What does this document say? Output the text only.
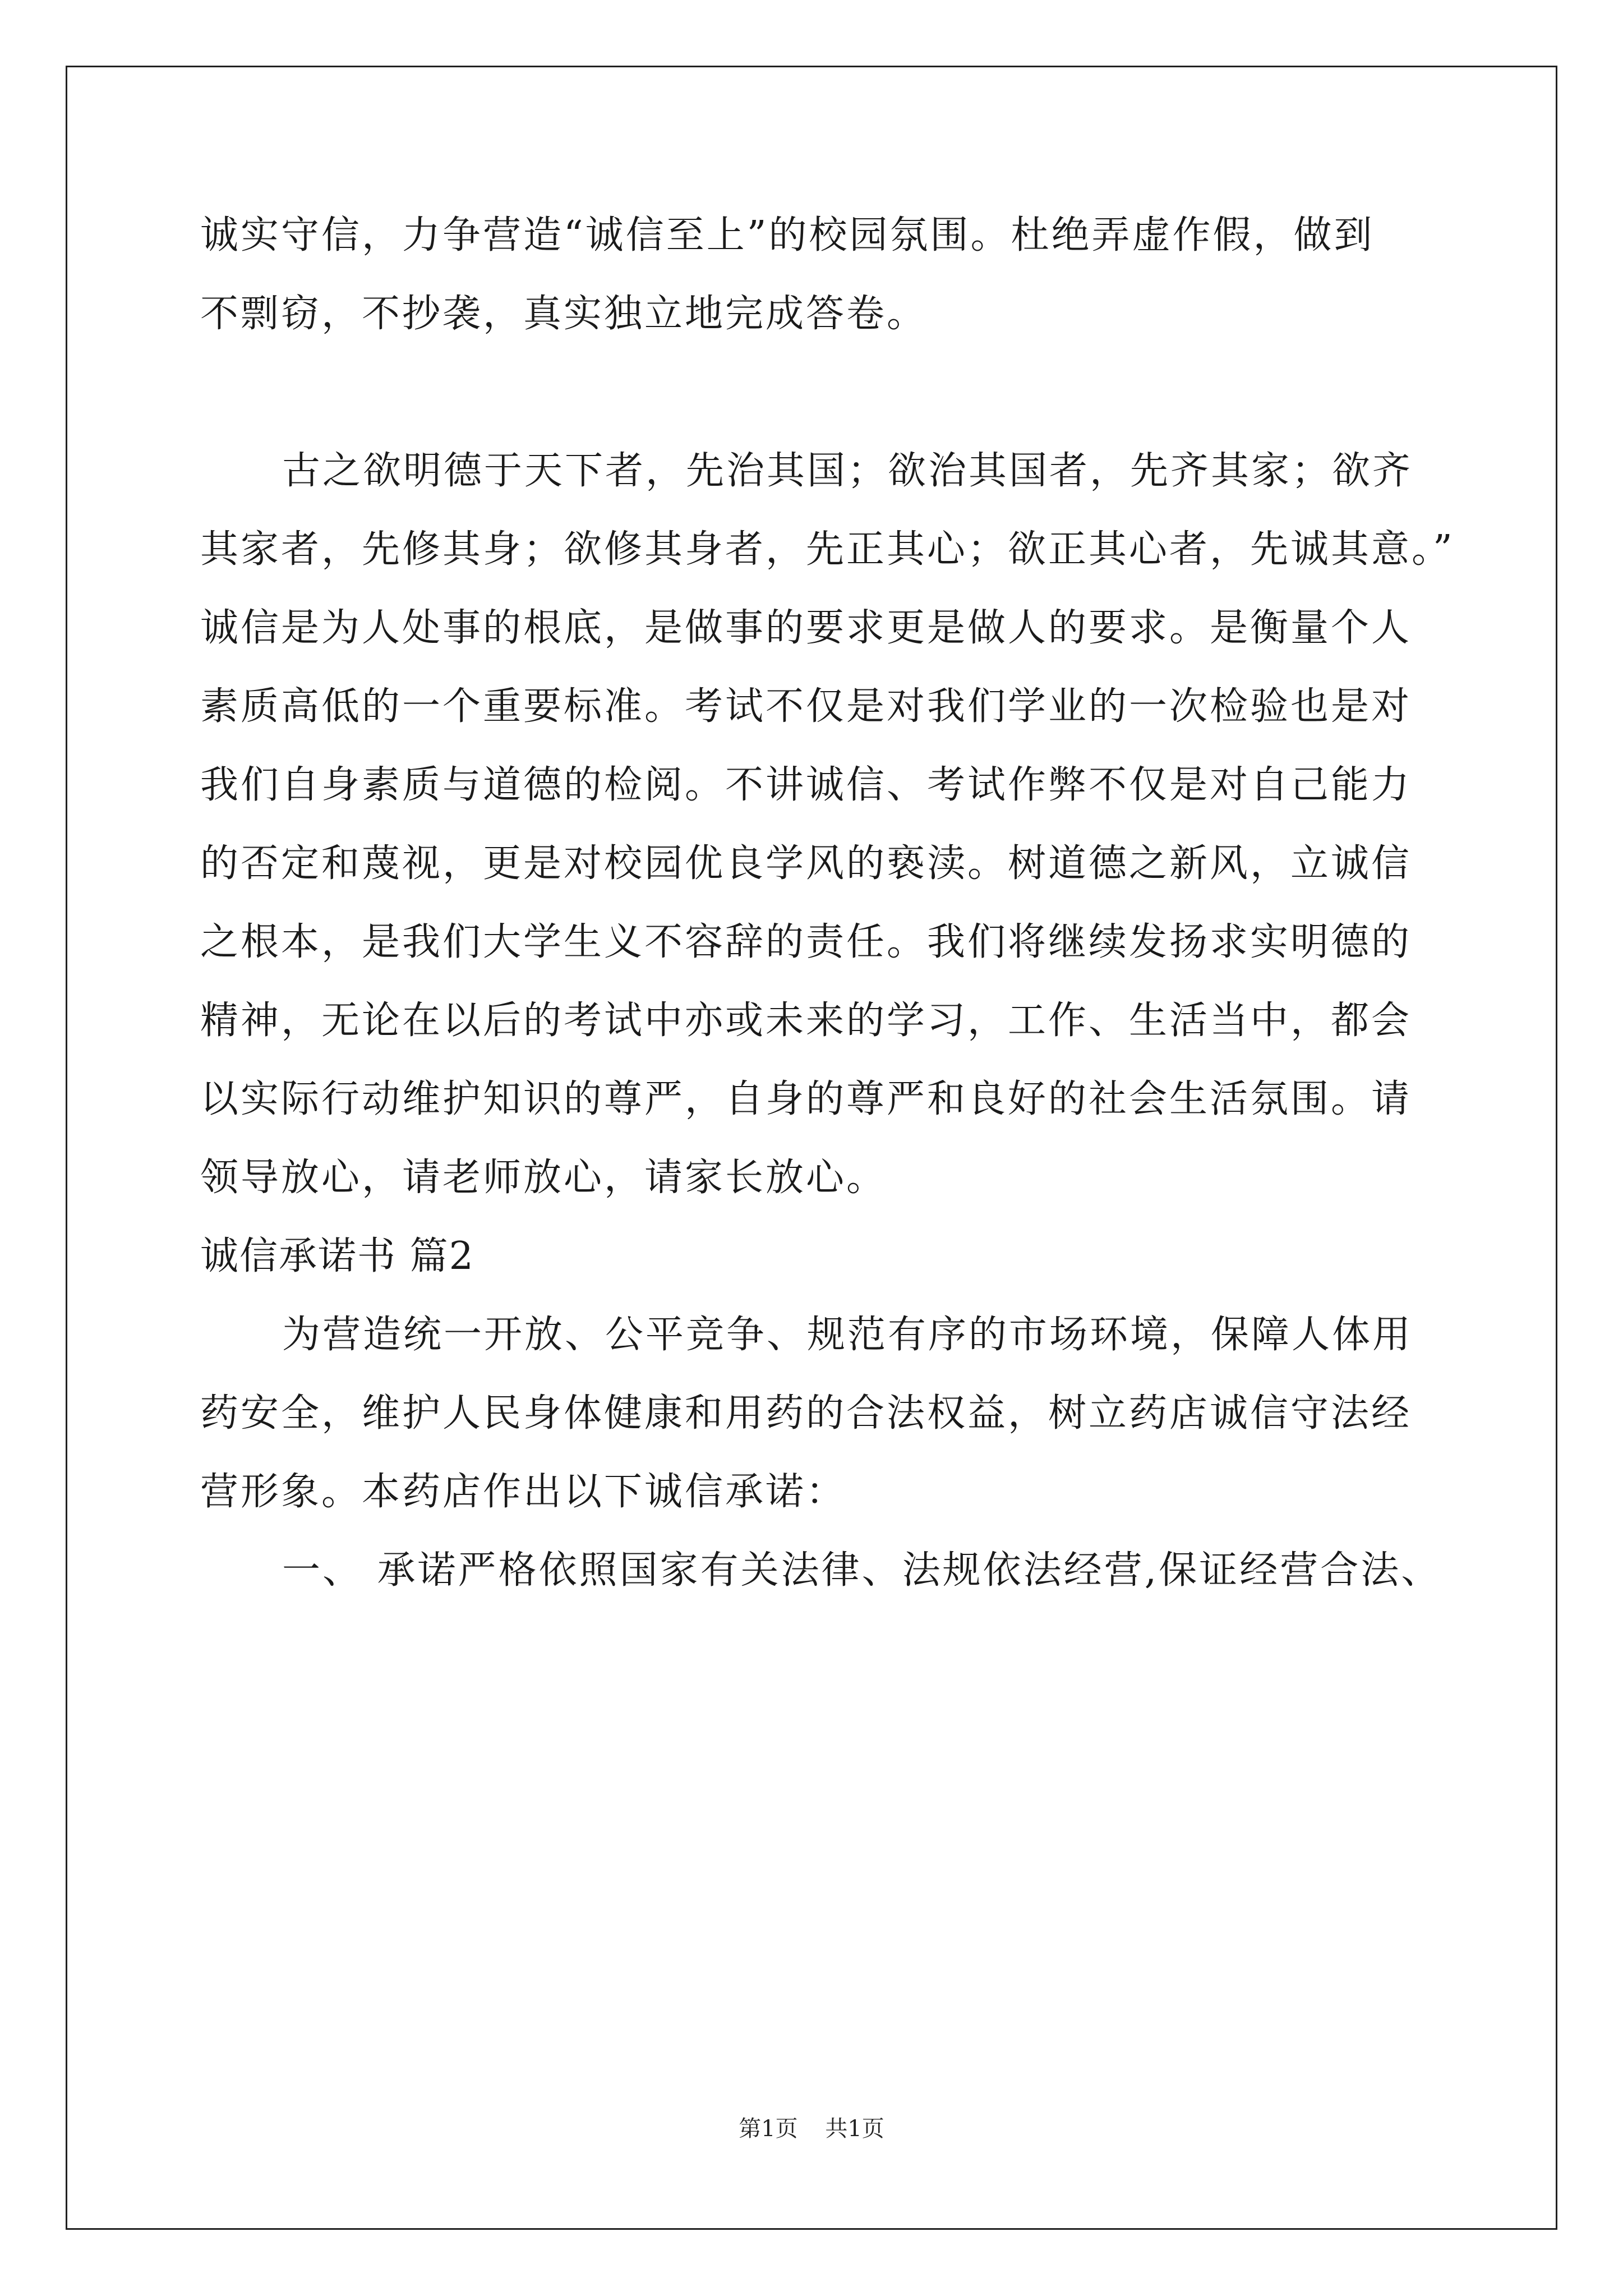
诚实守信，力争营造“诚信至上”的校园氛围。杜绝弄虚作假，做到
不剽窃，不抄袭，真实独立地完成答卷。
古之欲明德于天下者，先治其国；欲治其国者，先齐其家；欲齐
其家者，先修其身；欲修其身者，先正其心；欲正其心者，先诚其意。”
诚信是为人处事的根底，是做事的要求更是做人的要求。是衡量个人
素质高低的一个重要标准。考试不仅是对我们学业的一次检验也是对
我们自身素质与道德的检阅。不讲诚信、考试作弊不仅是对自己能力
的否定和蔑视，更是对校园优良学风的亵渎。树道德之新风，立诚信
之根本，是我们大学生义不容辞的责任。我们将继续发扬求实明德的
精神，无论在以后的考试中亦或未来的学习，工作、生活当中，都会
以实际行动维护知识的尊严，自身的尊严和良好的社会生活氛围。请
领导放心，请老师放心，请家长放心。
诚信承诺书 篇2
为营造统一开放、公平竞争、规范有序的市场环境，保障人体用
药安全，维护人民身体健康和用药的合法权益，树立药店诚信守法经
营形象。本药店作出以下诚信承诺：
一、 承诺严格依照国家有关法律、法规依法经营,保证经营合法、
第1页 共1页
